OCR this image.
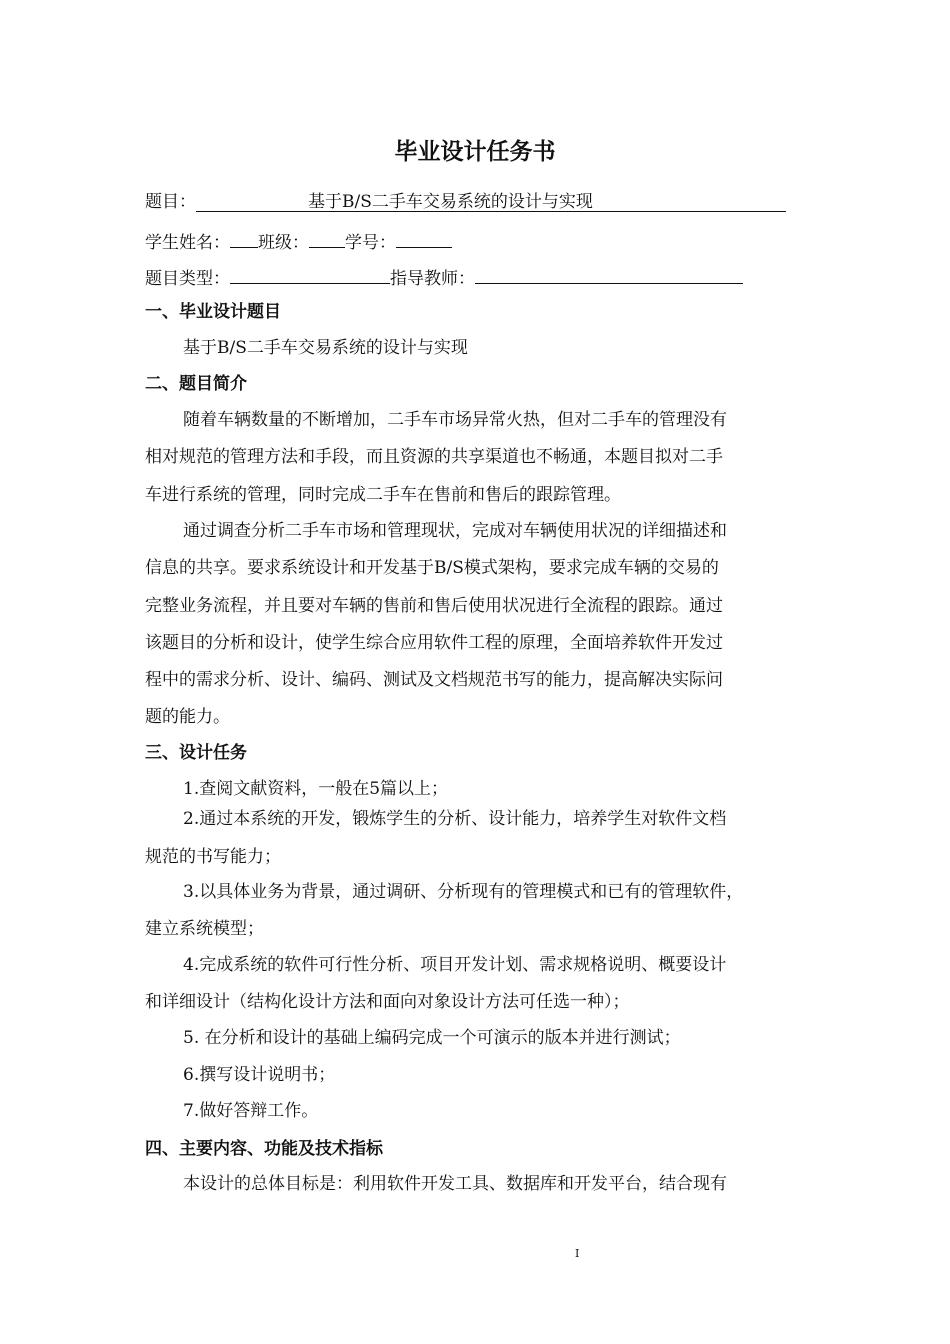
毕业设计任务书
题目：	基于B/S二手车交易系统的设计与实现
学生姓名： 班级： 学号：
题目类型：	指导教师：
一、毕业设计题目
基于B/S二手车交易系统的设计与实现
二、题目简介
随着车辆数量的不断增加，二手车市场异常火热，但对二手车的管理没有
相对规范的管理方法和手段，而且资源的共享渠道也不畅通，本题目拟对二手
车进行系统的管理，同时完成二手车在售前和售后的跟踪管理。
通过调查分析二手车市场和管理现状，完成对车辆使用状况的详细描述和
信息的共享。要求系统设计和开发基于B/S模式架构，要求完成车辆的交易的
完整业务流程，并且要对车辆的售前和售后使用状况进行全流程的跟踪。通过
该题目的分析和设计，使学生综合应用软件工程的原理，全面培养软件开发过
程中的需求分析、设计、编码、测试及文档规范书写的能力，提高解决实际问
题的能力。
三、设计任务
1.查阅文献资料，一般在5篇以上；
2.通过本系统的开发，锻炼学生的分析、设计能力，培养学生对软件文档
规范的书写能力；
3.以具体业务为背景，通过调研、分析现有的管理模式和已有的管理软件，
建立系统模型；
4.完成系统的软件可行性分析、项目开发计划、需求规格说明、概要设计
和详细设计（结构化设计方法和面向对象设计方法可任选一种）；
5. 在分析和设计的基础上编码完成一个可演示的版本并进行测试；
6.撰写设计说明书；
7.做好答辩工作。
四、主要内容、功能及技术指标
本设计的总体目标是：利用软件开发工具、数据库和开发平台，结合现有
I
